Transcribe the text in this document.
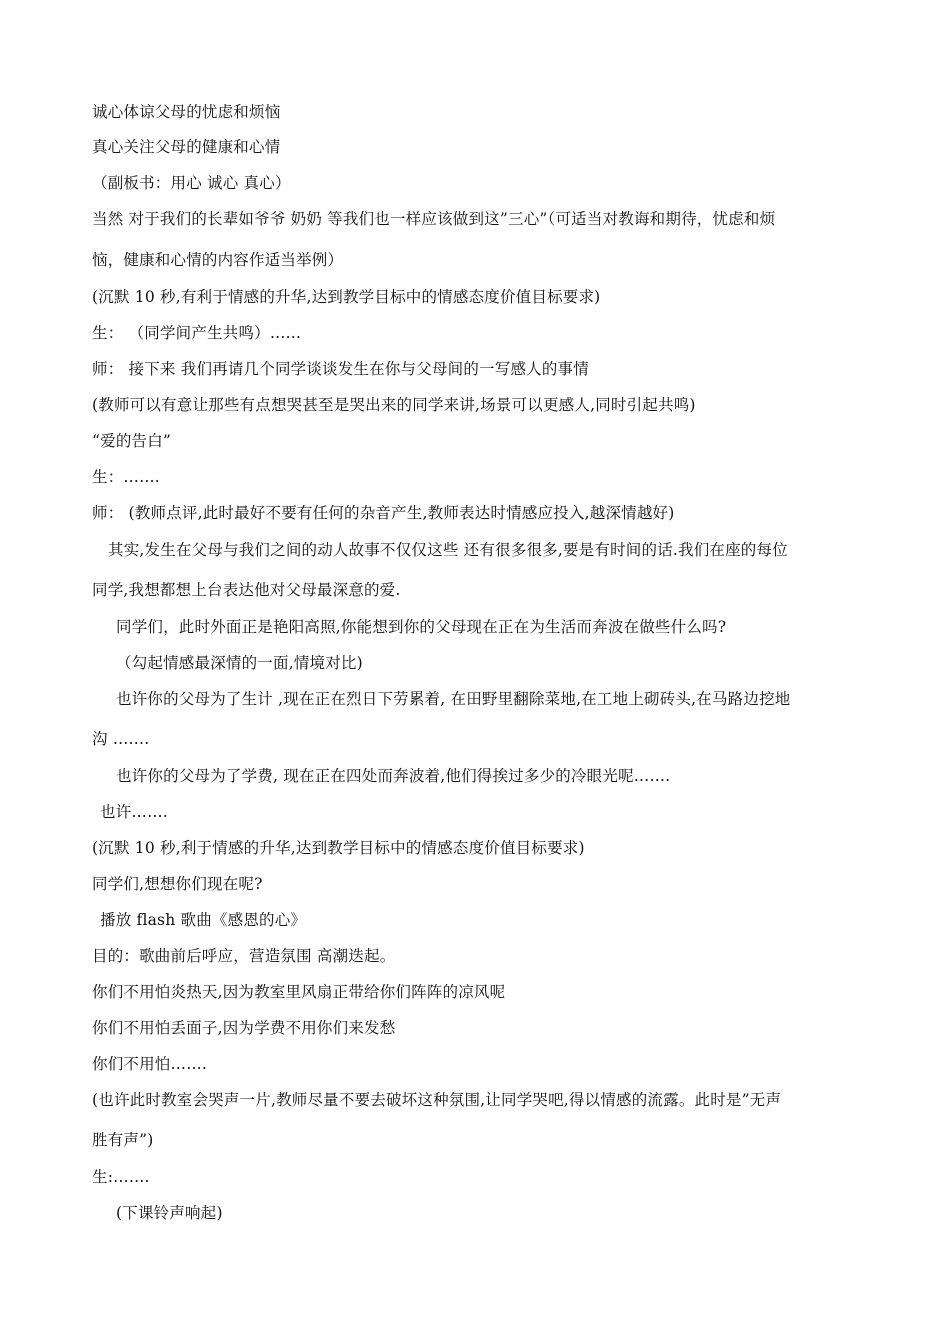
诚心体谅父母的忧虑和烦恼
真心关注父母的健康和心情
（副板书：用心 诚心 真心）
当然 对于我们的长辈如爷爷 奶奶 等我们也一样应该做到这”三心”（可适当对教诲和期待，忧虑和烦
恼，健康和心情的内容作适当举例）
(沉默 10 秒,有利于情感的升华,达到教学目标中的情感态度价值目标要求)
生： （同学间产生共鸣）……
师： 接下来 我们再请几个同学谈谈发生在你与父母间的一写感人的事情
(教师可以有意让那些有点想哭甚至是哭出来的同学来讲,场景可以更感人,同时引起共鸣)
“爱的告白”
生：…….
师： (教师点评,此时最好不要有任何的杂音产生,教师表达时情感应投入,越深情越好)
其实,发生在父母与我们之间的动人故事不仅仅这些 还有很多很多,要是有时间的话.我们在座的每位
同学,我想都想上台表达他对父母最深意的爱.
同学们，此时外面正是艳阳高照,你能想到你的父母现在正在为生活而奔波在做些什么吗?
（勾起情感最深情的一面,情境对比)
也许你的父母为了生计 ,现在正在烈日下劳累着, 在田野里翻除菜地,在工地上砌砖头,在马路边挖地
沟 …….
也许你的父母为了学费, 现在正在四处而奔波着,他们得挨过多少的冷眼光呢…….
也许…….
(沉默 10 秒,利于情感的升华,达到教学目标中的情感态度价值目标要求)
同学们,想想你们现在呢?
播放 flash 歌曲《感恩的心》
目的：歌曲前后呼应，营造氛围 高潮迭起。
你们不用怕炎热天,因为教室里风扇正带给你们阵阵的凉风呢
你们不用怕丢面子,因为学费不用你们来发愁
你们不用怕…….
(也许此时教室会哭声一片,教师尽量不要去破坏这种氛围,让同学哭吧,得以情感的流露。此时是”无声
胜有声”)
生:…….
(下课铃声响起)
